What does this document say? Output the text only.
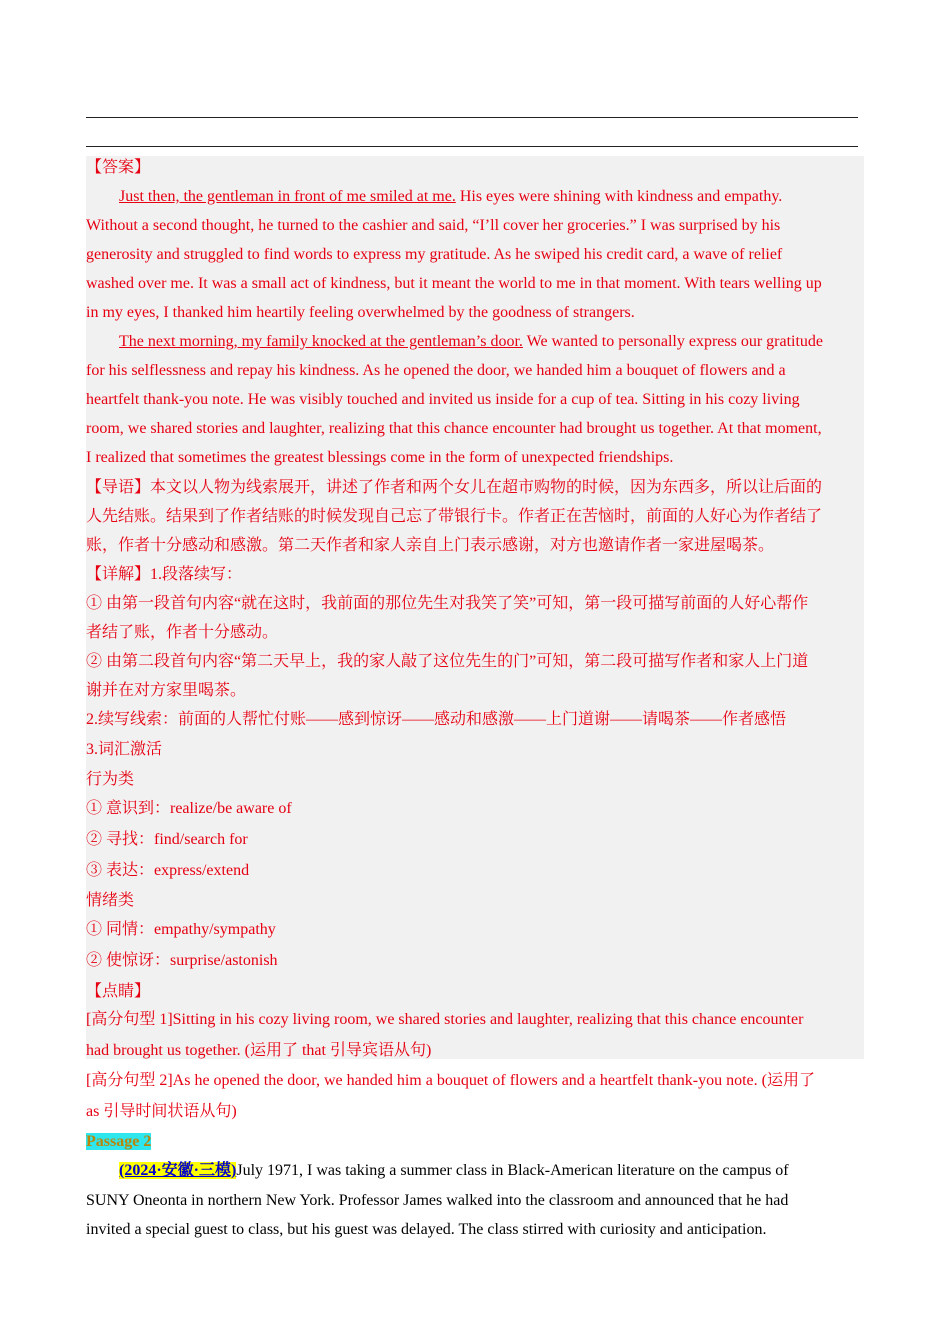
【答案】
Just then, the gentleman in front of me smiled at me. His eyes were shining with kindness and empathy.
Without a second thought, he turned to the cashier and said, “I’ll cover her groceries.” I was surprised by his
generosity and struggled to find words to express my gratitude. As he swiped his credit card, a wave of relief
washed over me. It was a small act of kindness, but it meant the world to me in that moment. With tears welling up
in my eyes, I thanked him heartily feeling overwhelmed by the goodness of strangers.
The next morning, my family knocked at the gentleman’s door. We wanted to personally express our gratitude
for his selflessness and repay his kindness. As he opened the door, we handed him a bouquet of flowers and a
heartfelt thank-you note. He was visibly touched and invited us inside for a cup of tea. Sitting in his cozy living
room, we shared stories and laughter, realizing that this chance encounter had brought us together. At that moment,
I realized that sometimes the greatest blessings come in the form of unexpected friendships.
【导语】本文以人物为线索展开，讲述了作者和两个女儿在超市购物的时候，因为东西多，所以让后面的
人先结账。结果到了作者结账的时候发现自己忘了带银行卡。作者正在苦恼时，前面的人好心为作者结了
账，作者十分感动和感激。第二天作者和家人亲自上门表示感谢，对方也邀请作者一家进屋喝茶。
【详解】1.段落续写：
① 由第一段首句内容“就在这时，我前面的那位先生对我笑了笑”可知，第一段可描写前面的人好心帮作
者结了账，作者十分感动。
② 由第二段首句内容“第二天早上，我的家人敲了这位先生的门”可知，第二段可描写作者和家人上门道
谢并在对方家里喝茶。
2.续写线索：前面的人帮忙付账——感到惊讶——感动和感激——上门道谢——请喝茶——作者感悟
3.词汇激活
行为类
① 意识到：realize/be aware of
② 寻找：find/search for
③ 表达：express/extend
情绪类
① 同情：empathy/sympathy
② 使惊讶：surprise/astonish
【点睛】
[高分句型 1]Sitting in his cozy living room, we shared stories and laughter, realizing that this chance encounter
had brought us together. (运用了 that 引导宾语从句)
[高分句型 2]As he opened the door, we handed him a bouquet of flowers and a heartfelt thank-you note. (运用了
as 引导时间状语从句)
Passage 2
(2024·安徽·三模)July 1971, I was taking a summer class in Black-American literature on the campus of
SUNY Oneonta in northern New York. Professor James walked into the classroom and announced that he had
invited a special guest to class, but his guest was delayed. The class stirred with curiosity and anticipation.
